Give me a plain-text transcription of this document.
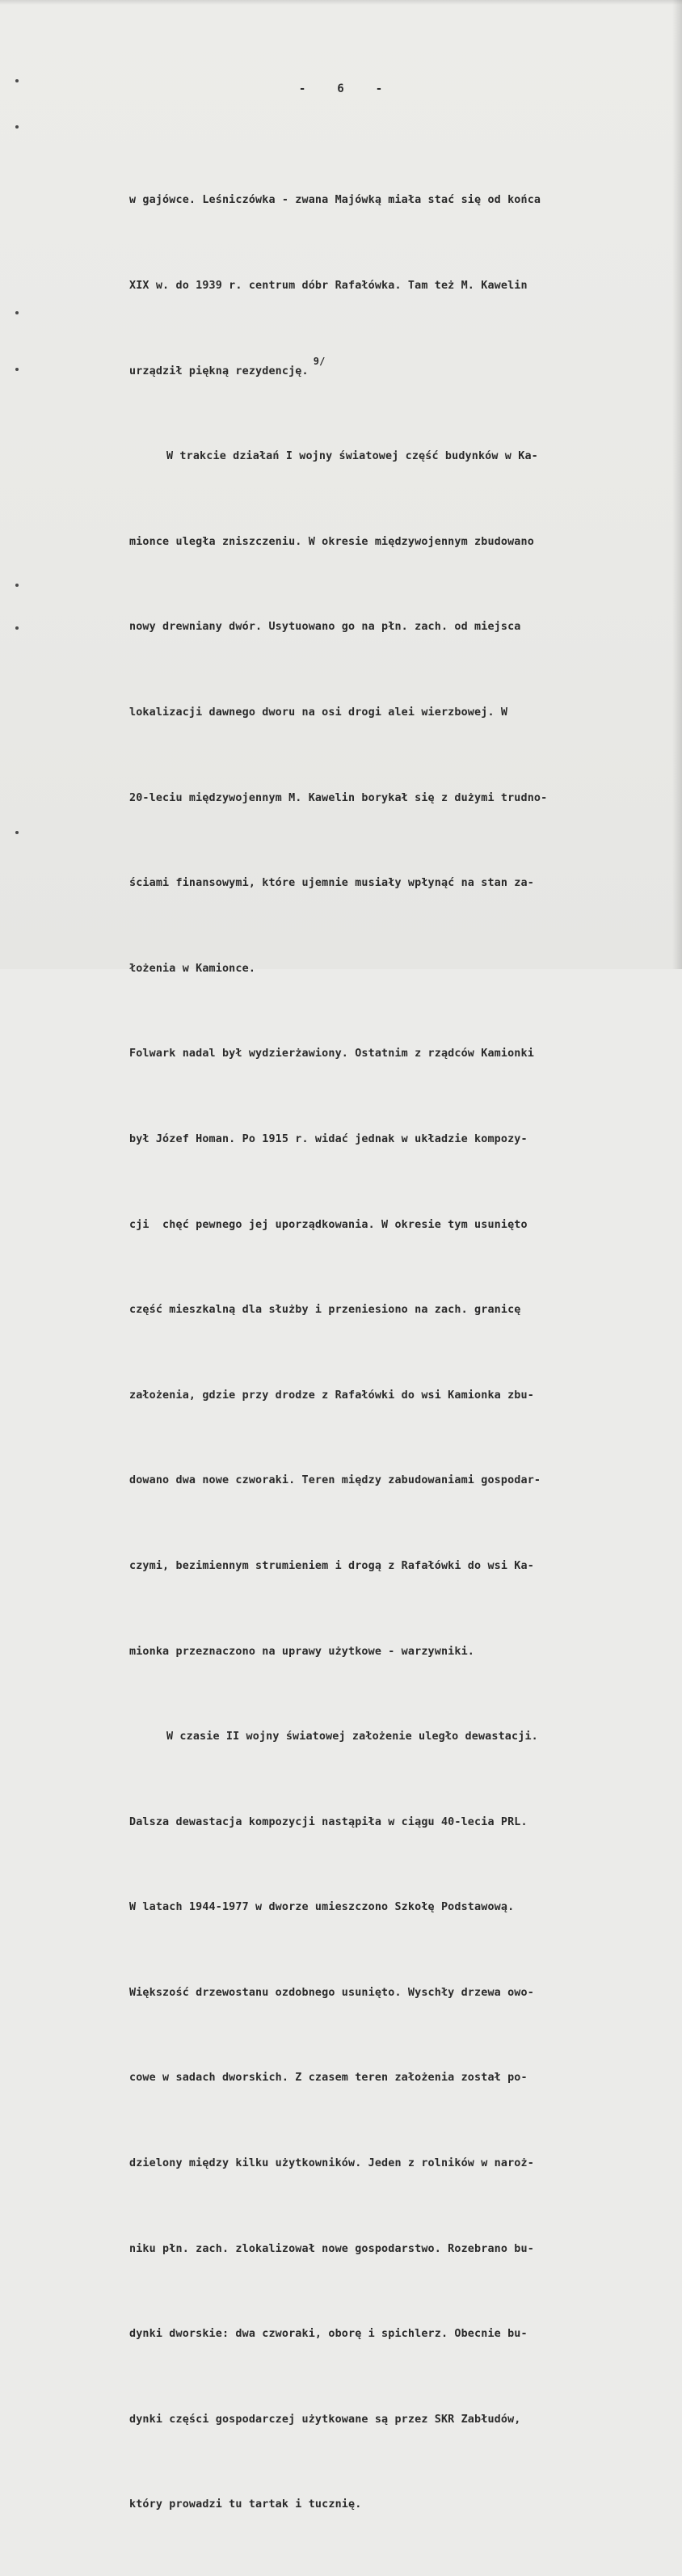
-	6	-

w gajówce. Leśniczówka - zwana Majówką miała stać się od końca

XIX w. do 1939 r. centrum dóbr Rafałówka. Tam też M. Kawelin

urządził piękną rezydencję.9/

W trakcie działań I wojny światowej część budynków w Ka-

mionce uległa zniszczeniu. W okresie międzywojennym zbudowano

nowy drewniany dwór. Usytuowano go na płn. zach. od miejsca

lokalizacji dawnego dworu na osi drogi alei wierzbowej. W

20-leciu międzywojennym M. Kawelin borykał się z dużymi trudno-

ściami finansowymi, które ujemnie musiały wpłynąć na stan za-

łożenia w Kamionce.

Folwark nadal był wydzierżawiony. Ostatnim z rządców Kamionki

był Józef Homan. Po 1915 r. widać jednak w układzie kompozy-

cji  chęć pewnego jej uporządkowania. W okresie tym usunięto

część mieszkalną dla służby i przeniesiono na zach. granicę

założenia, gdzie przy drodze z Rafałówki do wsi Kamionka zbu-

dowano dwa nowe czworaki. Teren między zabudowaniami gospodar-

czymi, bezimiennym strumieniem i drogą z Rafałówki do wsi Ka-

mionka przeznaczono na uprawy użytkowe - warzywniki.

W czasie II wojny światowej założenie uległo dewastacji.

Dalsza dewastacja kompozycji nastąpiła w ciągu 40-lecia PRL.

W latach 1944-1977 w dworze umieszczono Szkołę Podstawową.

Większość drzewostanu ozdobnego usunięto. Wyschły drzewa owo-

cowe w sadach dworskich. Z czasem teren założenia został po-

dzielony między kilku użytkowników. Jeden z rolników w naroż-

niku płn. zach. zlokalizował nowe gospodarstwo. Rozebrano bu-

dynki dworskie: dwa czworaki, oborę i spichlerz. Obecnie bu-

dynki części gospodarczej użytkowane są przez SKR Zabłudów,

który prowadzi tu tartak i tucznię.
